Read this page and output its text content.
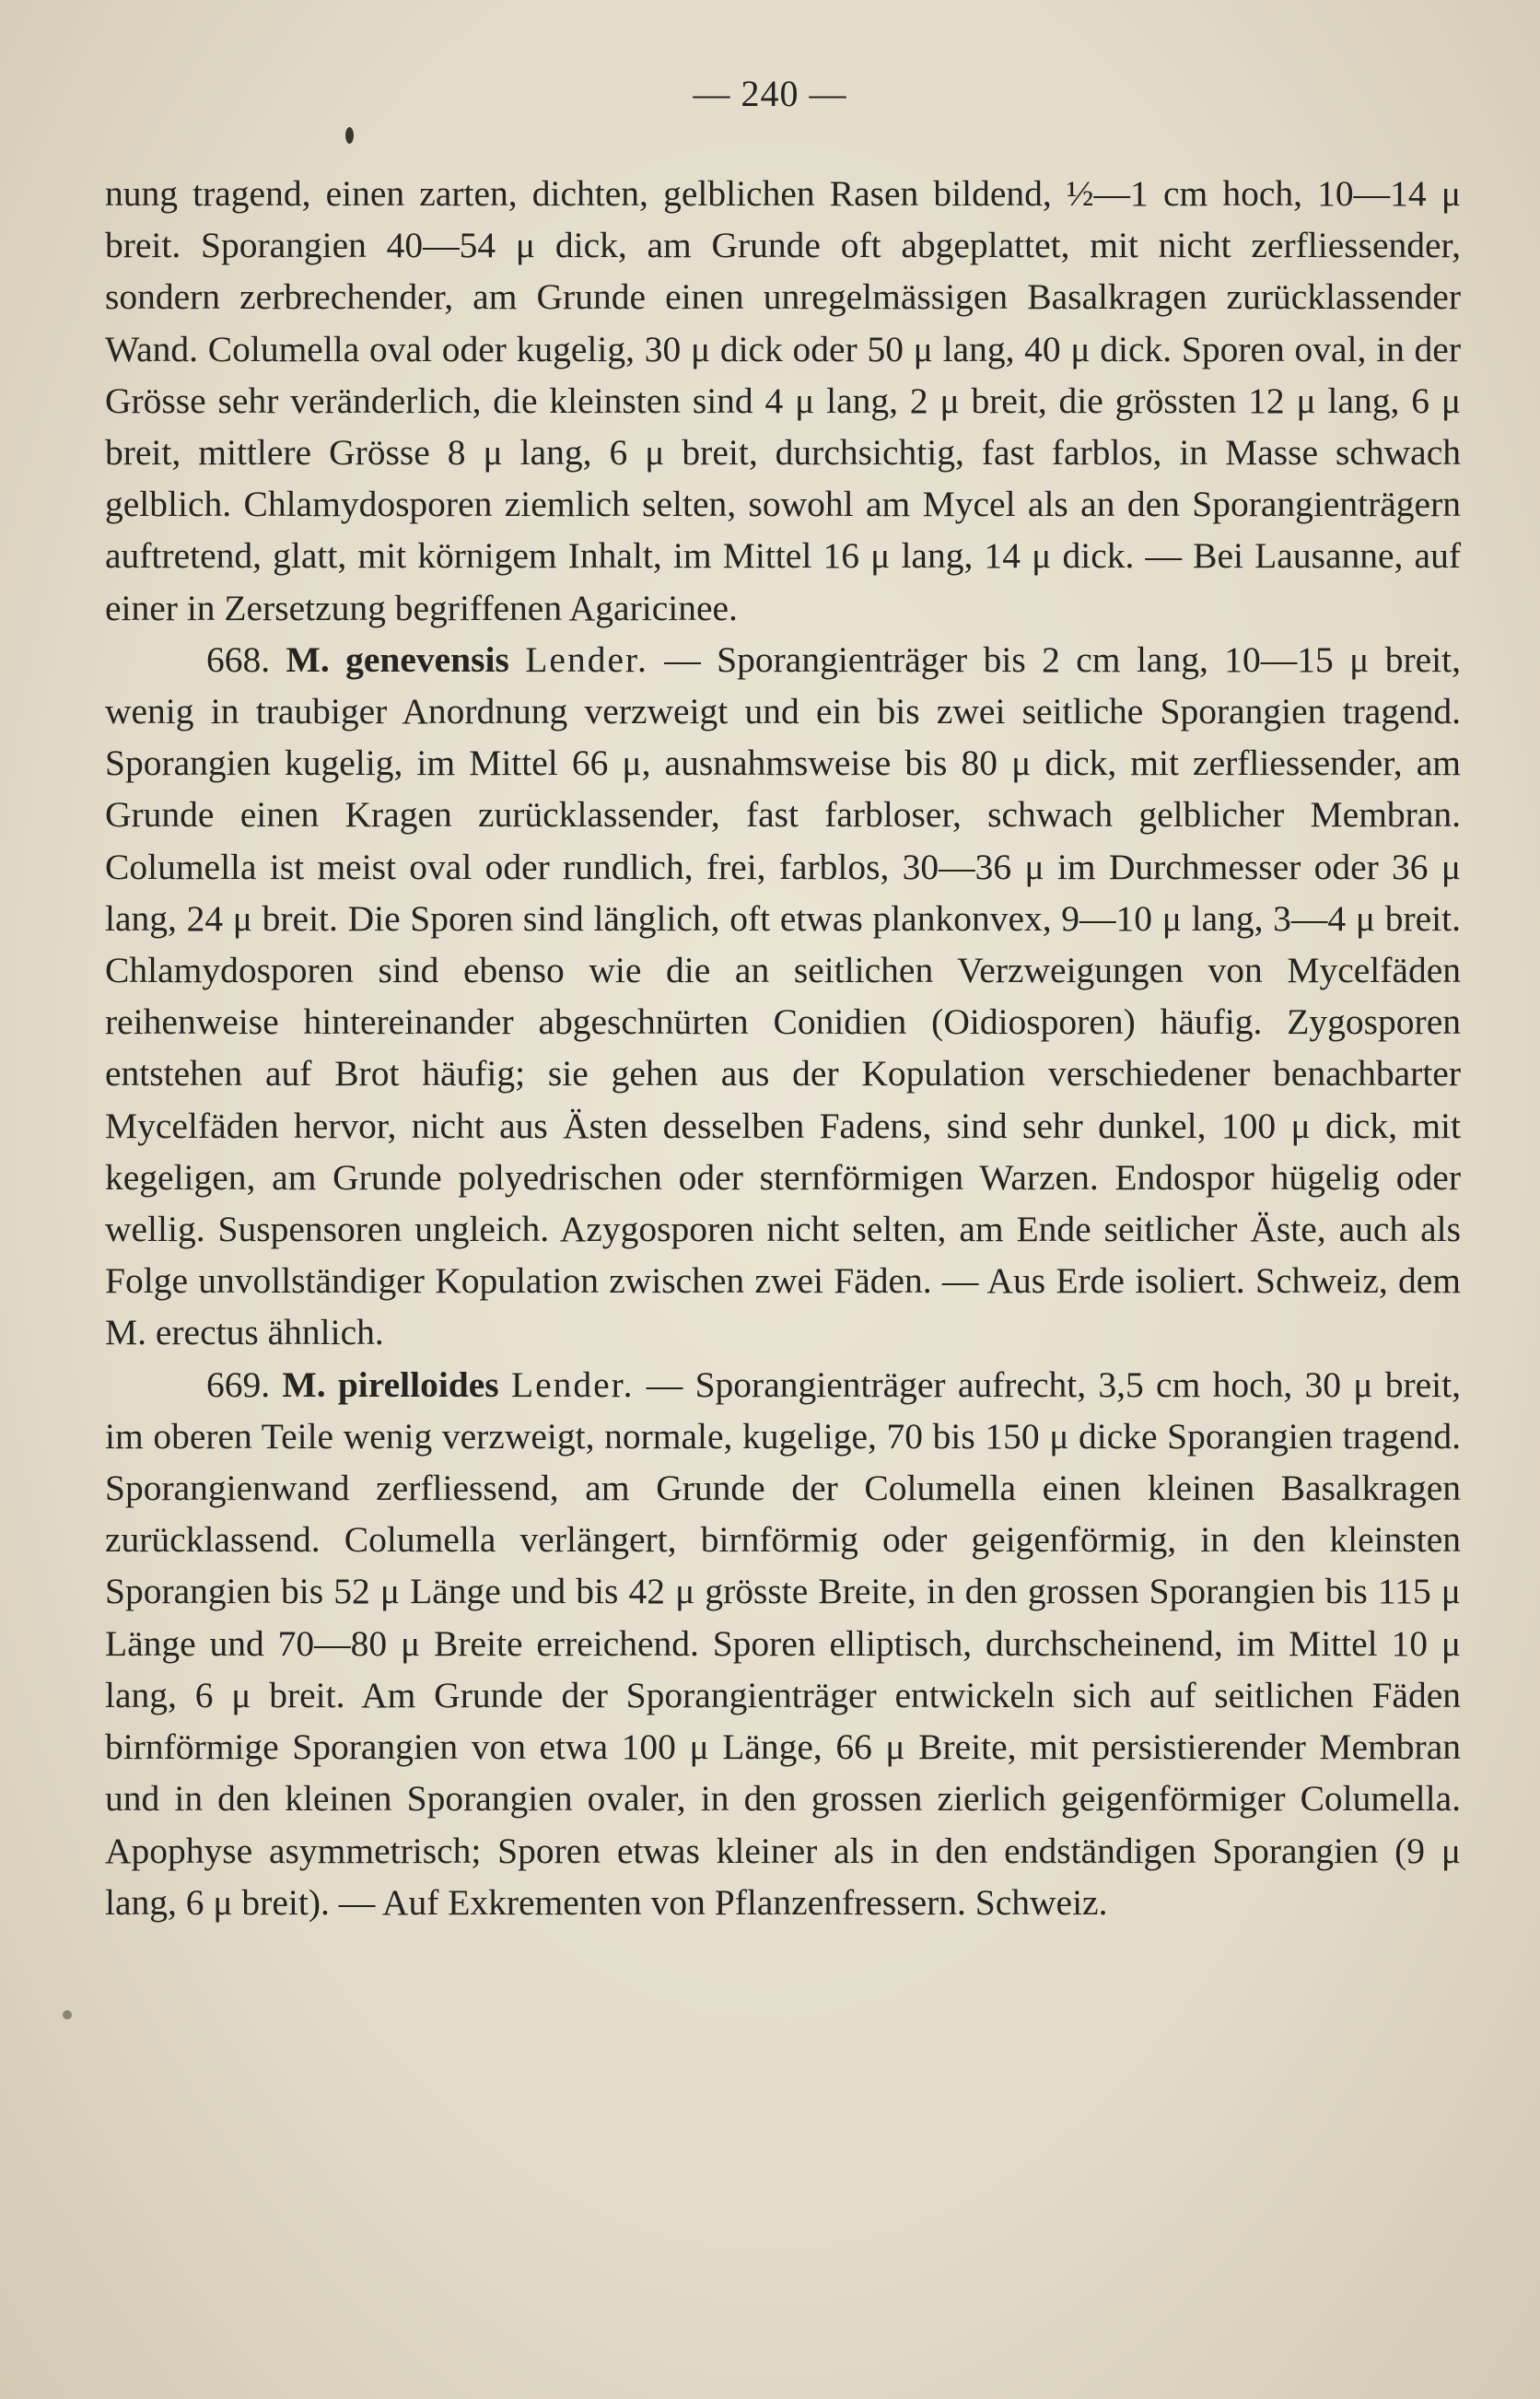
— 240 —

nung tragend, einen zarten, dichten, gelblichen Rasen bildend, ½—1 cm hoch, 10—14 μ breit. Sporangien 40—54 μ dick, am Grunde oft abgeplattet, mit nicht zerfliessender, sondern zerbrechender, am Grunde einen unregelmässigen Basalkragen zurücklassender Wand. Columella oval oder kugelig, 30 μ dick oder 50 μ lang, 40 μ dick. Sporen oval, in der Grösse sehr veränderlich, die kleinsten sind 4 μ lang, 2 μ breit, die grössten 12 μ lang, 6 μ breit, mittlere Grösse 8 μ lang, 6 μ breit, durchsichtig, fast farblos, in Masse schwach gelblich. Chlamydosporen ziemlich selten, sowohl am Mycel als an den Sporangienträgern auftretend, glatt, mit körnigem Inhalt, im Mittel 16 μ lang, 14 μ dick. — Bei Lausanne, auf einer in Zersetzung begriffenen Agaricinee.

668. M. genevensis Lender. — Sporangienträger bis 2 cm lang, 10—15 μ breit, wenig in traubiger Anordnung verzweigt und ein bis zwei seitliche Sporangien tragend. Sporangien kugelig, im Mittel 66 μ, ausnahmsweise bis 80 μ dick, mit zerfliessender, am Grunde einen Kragen zurücklassender, fast farbloser, schwach gelblicher Membran. Columella ist meist oval oder rundlich, frei, farblos, 30—36 μ im Durchmesser oder 36 μ lang, 24 μ breit. Die Sporen sind länglich, oft etwas plankonvex, 9—10 μ lang, 3—4 μ breit. Chlamydosporen sind ebenso wie die an seitlichen Verzweigungen von Mycelfäden reihenweise hintereinander abgeschnürten Conidien (Oidiosporen) häufig. Zygosporen entstehen auf Brot häufig; sie gehen aus der Kopulation verschiedener benachbarter Mycelfäden hervor, nicht aus Ästen desselben Fadens, sind sehr dunkel, 100 μ dick, mit kegeligen, am Grunde polyedrischen oder sternförmigen Warzen. Endospor hügelig oder wellig. Suspensoren ungleich. Azygosporen nicht selten, am Ende seitlicher Äste, auch als Folge unvollständiger Kopulation zwischen zwei Fäden. — Aus Erde isoliert. Schweiz, dem M. erectus ähnlich.

669. M. pirelloides Lender. — Sporangienträger aufrecht, 3,5 cm hoch, 30 μ breit, im oberen Teile wenig verzweigt, normale, kugelige, 70 bis 150 μ dicke Sporangien tragend. Sporangienwand zerfliessend, am Grunde der Columella einen kleinen Basalkragen zurücklassend. Columella verlängert, birnförmig oder geigenförmig, in den kleinsten Sporangien bis 52 μ Länge und bis 42 μ grösste Breite, in den grossen Sporangien bis 115 μ Länge und 70—80 μ Breite erreichend. Sporen elliptisch, durchscheinend, im Mittel 10 μ lang, 6 μ breit. Am Grunde der Sporangienträger entwickeln sich auf seitlichen Fäden birnförmige Sporangien von etwa 100 μ Länge, 66 μ Breite, mit persistierender Membran und in den kleinen Sporangien ovaler, in den grossen zierlich geigenförmiger Columella. Apophyse asymmetrisch; Sporen etwas kleiner als in den endständigen Sporangien (9 μ lang, 6 μ breit). — Auf Exkrementen von Pflanzenfressern. Schweiz.
